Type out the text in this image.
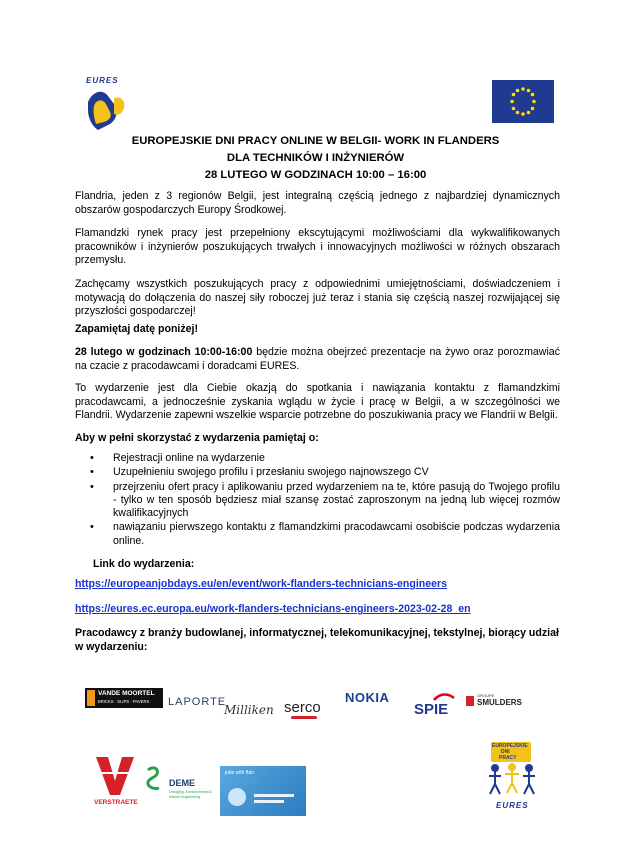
EURES
EUROPEJSKIE DNI PRACY ONLINE W BELGII- WORK IN FLANDERS
DLA TECHNIKÓW I INŻYNIERÓW
28 LUTEGO W GODZINACH 10:00 – 16:00
Flandria, jeden z 3 regionów Belgii, jest integralną częścią jednego z najbardziej dynamicznych obszarów gospodarczych Europy Środkowej.
Flamandzki rynek pracy jest przepełniony ekscytującymi możliwościami dla wykwalifikowanych pracowników i inżynierów poszukujących trwałych i innowacyjnych możliwości w różnych obszarach przemysłu.
Zachęcamy wszystkich poszukujących pracy z odpowiednimi umiejętnościami, doświadczeniem i motywacją do dołączenia do naszej siły roboczej już teraz i stania się częścią naszej rozwijającej się przyszłości gospodarczej!
Zapamiętaj datę poniżej!
28 lutego w godzinach 10:00-16:00 będzie można obejrzeć prezentacje na żywo oraz porozmawiać na czacie z pracodawcami i doradcami EURES.
To wydarzenie jest dla Ciebie okazją do spotkania i nawiązania kontaktu z flamandzkimi pracodawcami, a jednocześnie zyskania wglądu w życie i pracę w Belgii, a w szczególności we Flandrii. Wydarzenie zapewni wszelkie wsparcie potrzebne do poszukiwania pracy we Flandrii w Belgii.
Aby w pełni skorzystać z wydarzenia pamiętaj o:
• Rejestracji online na wydarzenie
• Uzupełnieniu swojego profilu i przesłaniu swojego najnowszego CV
• przejrzeniu ofert pracy i aplikowaniu przed wydarzeniem na te, które pasują do Twojego profilu - tylko w ten sposób będziesz miał szansę zostać zaproszonym na jedną lub więcej rozmów kwalifikacyjnych
• nawiązaniu pierwszego kontaktu z flamandzkimi pracodawcami osobiście podczas wydarzenia online.
Link do wydarzenia:
https://europeanjobdays.eu/en/event/work-flanders-technicians-engineers
https://eures.ec.europa.eu/work-flanders-technicians-engineers-2023-02-28_en
Pracodawcy z branży budowlanej, informatycznej, telekomunikacyjnej, tekstylnej, biorący udział w wydarzeniu:
VANDE MOORTEL
BRICKS · SLIPS · PAVERS LAPORTE
Milliken serco
NOKIA
SPIE
GROUPE
SMULDERS
VERSTRAETE
DEME
Dredging, Environmental & Marine Engineering
jobs with flan
EUROPEJSKIE
DNI
PRACY
EURES
